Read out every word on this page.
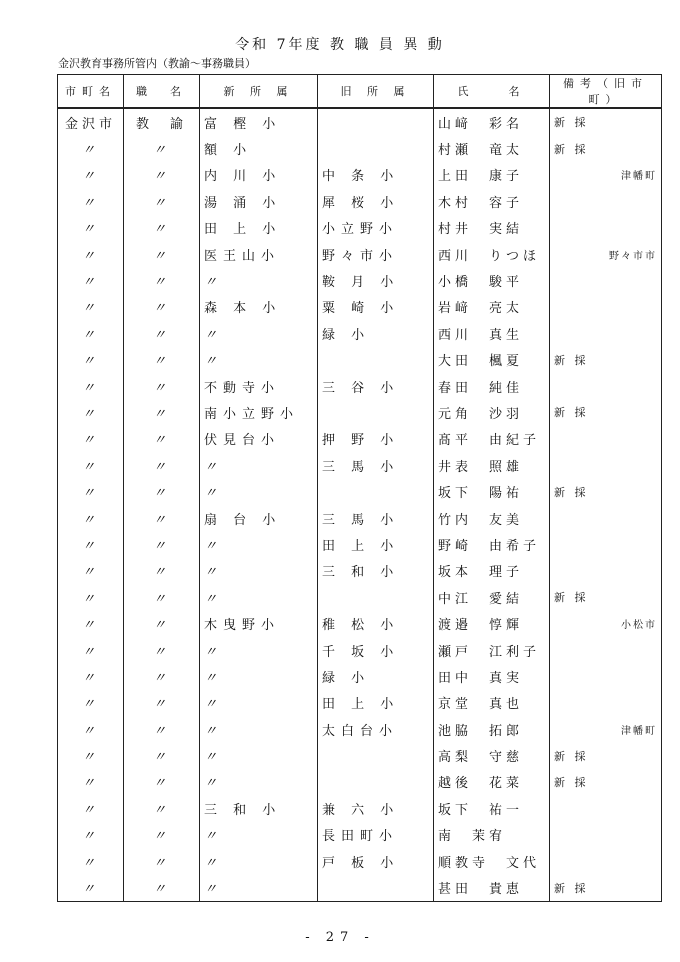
令和 7年度 教 職 員 異 動
金沢教育事務所管内（教諭～事務職員）
市町名	職　名	新 所 属	旧 所 属	氏　　名	備考（旧市町）
金沢市	教　諭	富 樫 小		山﨑　彩名	新 採
〃	〃	額 小		村瀬　竜太	新 採
〃	〃	内 川 小	中 条 小	上田　康子	津幡町

〃	〃	湯 涌 小	犀 桜 小	木村　容子	
〃	〃	田 上 小	小立野小	村井　実結	
〃	〃	医王山小	野々市小	西川　りつほ	野々市市

〃	〃	〃	鞍 月 小	小橋　駿平	
〃	〃	森 本 小	粟 崎 小	岩﨑　亮太	
〃	〃	〃	緑 小	西川　真生	
〃	〃	〃		大田　楓夏	新 採
〃	〃	不動寺小	三 谷 小	春田　純佳	
〃	〃	南小立野小		元角　沙羽	新 採
〃	〃	伏見台小	押 野 小	髙平　由紀子	
〃	〃	〃	三 馬 小	井表　照雄	
〃	〃	〃		坂下　陽祐	新 採
〃	〃	扇 台 小	三 馬 小	竹内　友美	
〃	〃	〃	田 上 小	野崎　由希子	
〃	〃	〃	三 和 小	坂本　理子	
〃	〃	〃		中江　愛結	新 採
〃	〃	木曳野小	稚 松 小	渡邉　惇輝	小松市

〃	〃	〃	千 坂 小	瀬戸　江利子	
〃	〃	〃	緑 小	田中　真実	
〃	〃	〃	田 上 小	京堂　真也	
〃	〃	〃	太白台小	池脇　拓郎	津幡町

〃	〃	〃		高梨　守慈	新 採
〃	〃	〃		越後　花菜	新 採
〃	〃	三 和 小	兼 六 小	坂下　祐一	
〃	〃	〃	長田町小	南　茉宥	
〃	〃	〃	戸 板 小	順教寺　文代	
〃	〃	〃		甚田　貴恵	新 採
- 27 -
